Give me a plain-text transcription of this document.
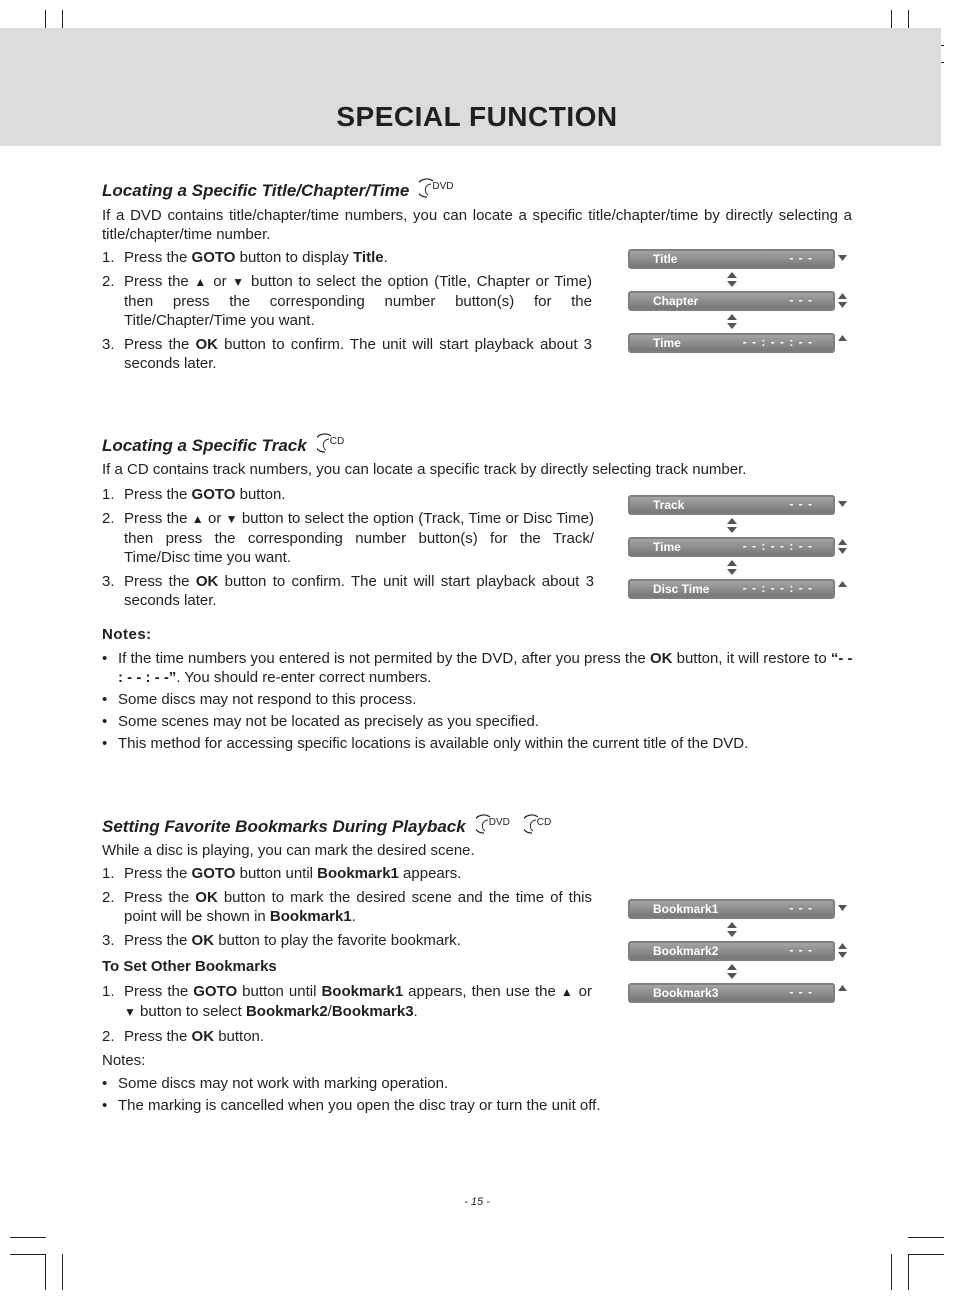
SPECIAL FUNCTION
Locating a Specific Title/Chapter/Time DVD
If a DVD contains title/chapter/time numbers, you can locate a specific title/chapter/time by directly selecting a title/chapter/time number.
1. Press the GOTO button to display Title.
2. Press the ▲ or ▼ button to select the option (Title, Chapter or Time) then press the corresponding number button(s) for the Title/Chapter/Time you want.
3. Press the OK button to confirm. The unit will start playback about 3 seconds later.
Title	- - -
Chapter	- - -
Time	- - : - - : - -
Locating a Specific Track CD
If a CD contains track numbers, you can locate a specific track by directly selecting track number.
1. Press the GOTO button.
2. Press the ▲ or ▼ button to select the option (Track, Time or Disc Time) then press the corresponding number button(s) for the Track/ Time/Disc time you want.
3. Press the OK button to confirm. The unit will start playback about 3 seconds later.
Track	- - -
Time	- - : - - : - -
Disc Time	- - : - - : - -
Notes:
• If the time numbers you entered is not permited by the DVD, after you press the OK button, it will restore to “- - : - - : - -”. You should re-enter correct numbers.
• Some discs may not respond to this process.
• Some scenes may not be located as precisely as you specified.
• This method for accessing specific locations is available only within the current title of the DVD.
Setting Favorite Bookmarks During Playback DVD	CD
While a disc is playing, you can mark the desired scene.
1. Press the GOTO button until Bookmark1 appears.
2. Press the OK button to mark the desired scene and the time of this point will be shown in Bookmark1.
3. Press the OK button to play the favorite bookmark.
To Set Other Bookmarks
1. Press the GOTO button until Bookmark1 appears, then use the ▲ or ▼ button to select Bookmark2/Bookmark3.
2. Press the OK button.
Bookmark1	- - -
Bookmark2	- - -
Bookmark3	- - -
Notes:
• Some discs may not work with marking operation.
• The marking is cancelled when you open the disc tray or turn the unit off.
- 15 -
